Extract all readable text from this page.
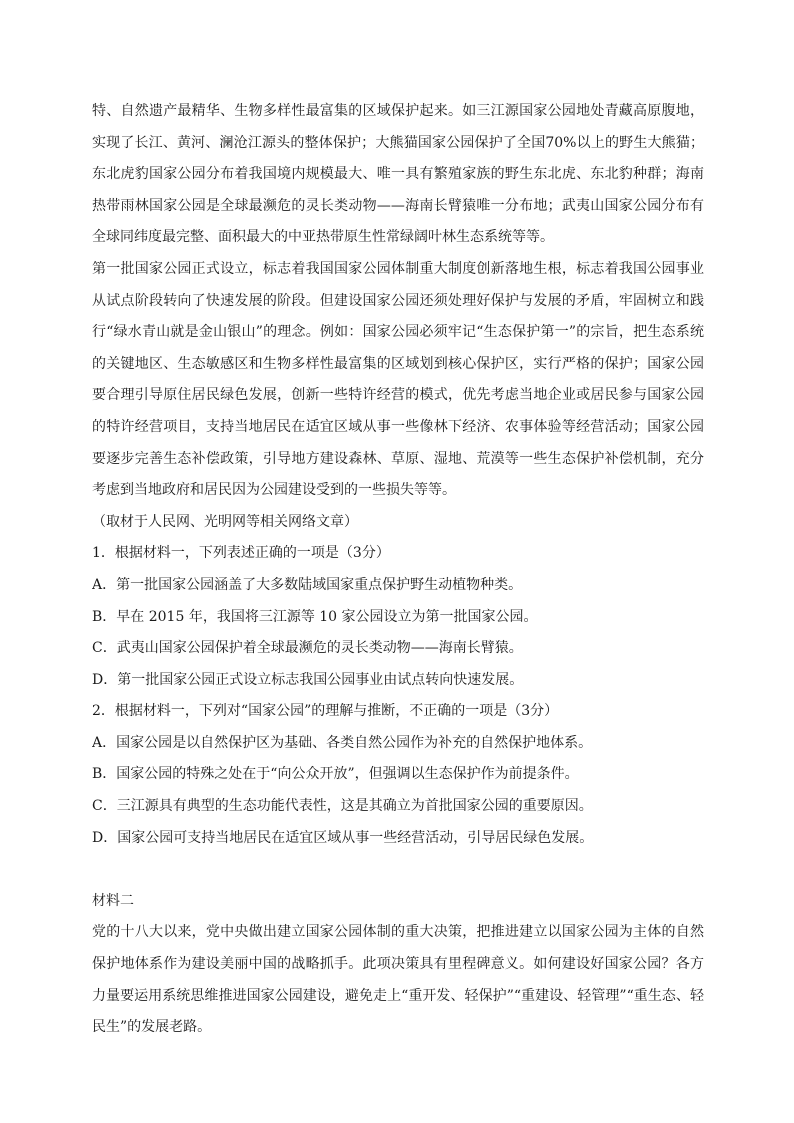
特、自然遗产最精华、生物多样性最富集的区域保护起来。如三江源国家公园地处青藏高原腹地，
实现了长江、黄河、澜沧江源头的整体保护；大熊猫国家公园保护了全国70%以上的野生大熊猫；
东北虎豹国家公园分布着我国境内规模最大、唯一具有繁殖家族的野生东北虎、东北豹种群；海南
热带雨林国家公园是全球最濒危的灵长类动物——海南长臂猿唯一分布地；武夷山国家公园分布有
全球同纬度最完整、面积最大的中亚热带原生性常绿阔叶林生态系统等等。
第一批国家公园正式设立，标志着我国国家公园体制重大制度创新落地生根，标志着我国公园事业
从试点阶段转向了快速发展的阶段。但建设国家公园还须处理好保护与发展的矛盾，牢固树立和践
行“绿水青山就是金山银山”的理念。例如：国家公园必须牢记“生态保护第一”的宗旨，把生态系统
的关键地区、生态敏感区和生物多样性最富集的区域划到核心保护区，实行严格的保护；国家公园
要合理引导原住居民绿色发展，创新一些特许经营的模式，优先考虑当地企业或居民参与国家公园
的特许经营项目，支持当地居民在适宜区域从事一些像林下经济、农事体验等经营活动；国家公园
要逐步完善生态补偿政策，引导地方建设森林、草原、湿地、荒漠等一些生态保护补偿机制，充分
考虑到当地政府和居民因为公园建设受到的一些损失等等。
（取材于人民网、光明网等相关网络文章）
1．根据材料一，下列表述正确的一项是（3分）
A．第一批国家公园涵盖了大多数陆域国家重点保护野生动植物种类。
B．早在 2015 年，我国将三江源等 10 家公园设立为第一批国家公园。
C．武夷山国家公园保护着全球最濒危的灵长类动物——海南长臂猿。
D．第一批国家公园正式设立标志我国公园事业由试点转向快速发展。
2．根据材料一，下列对“国家公园”的理解与推断，不正确的一项是（3分）
A．国家公园是以自然保护区为基础、各类自然公园作为补充的自然保护地体系。
B．国家公园的特殊之处在于“向公众开放”，但强调以生态保护作为前提条件。
C．三江源具有典型的生态功能代表性，这是其确立为首批国家公园的重要原因。
D．国家公园可支持当地居民在适宜区域从事一些经营活动，引导居民绿色发展。
材料二
党的十八大以来，党中央做出建立国家公园体制的重大决策，把推进建立以国家公园为主体的自然
保护地体系作为建设美丽中国的战略抓手。此项决策具有里程碑意义。如何建设好国家公园？各方
力量要运用系统思维推进国家公园建设，避免走上“重开发、轻保护”“重建设、轻管理”“重生态、轻
民生”的发展老路。
